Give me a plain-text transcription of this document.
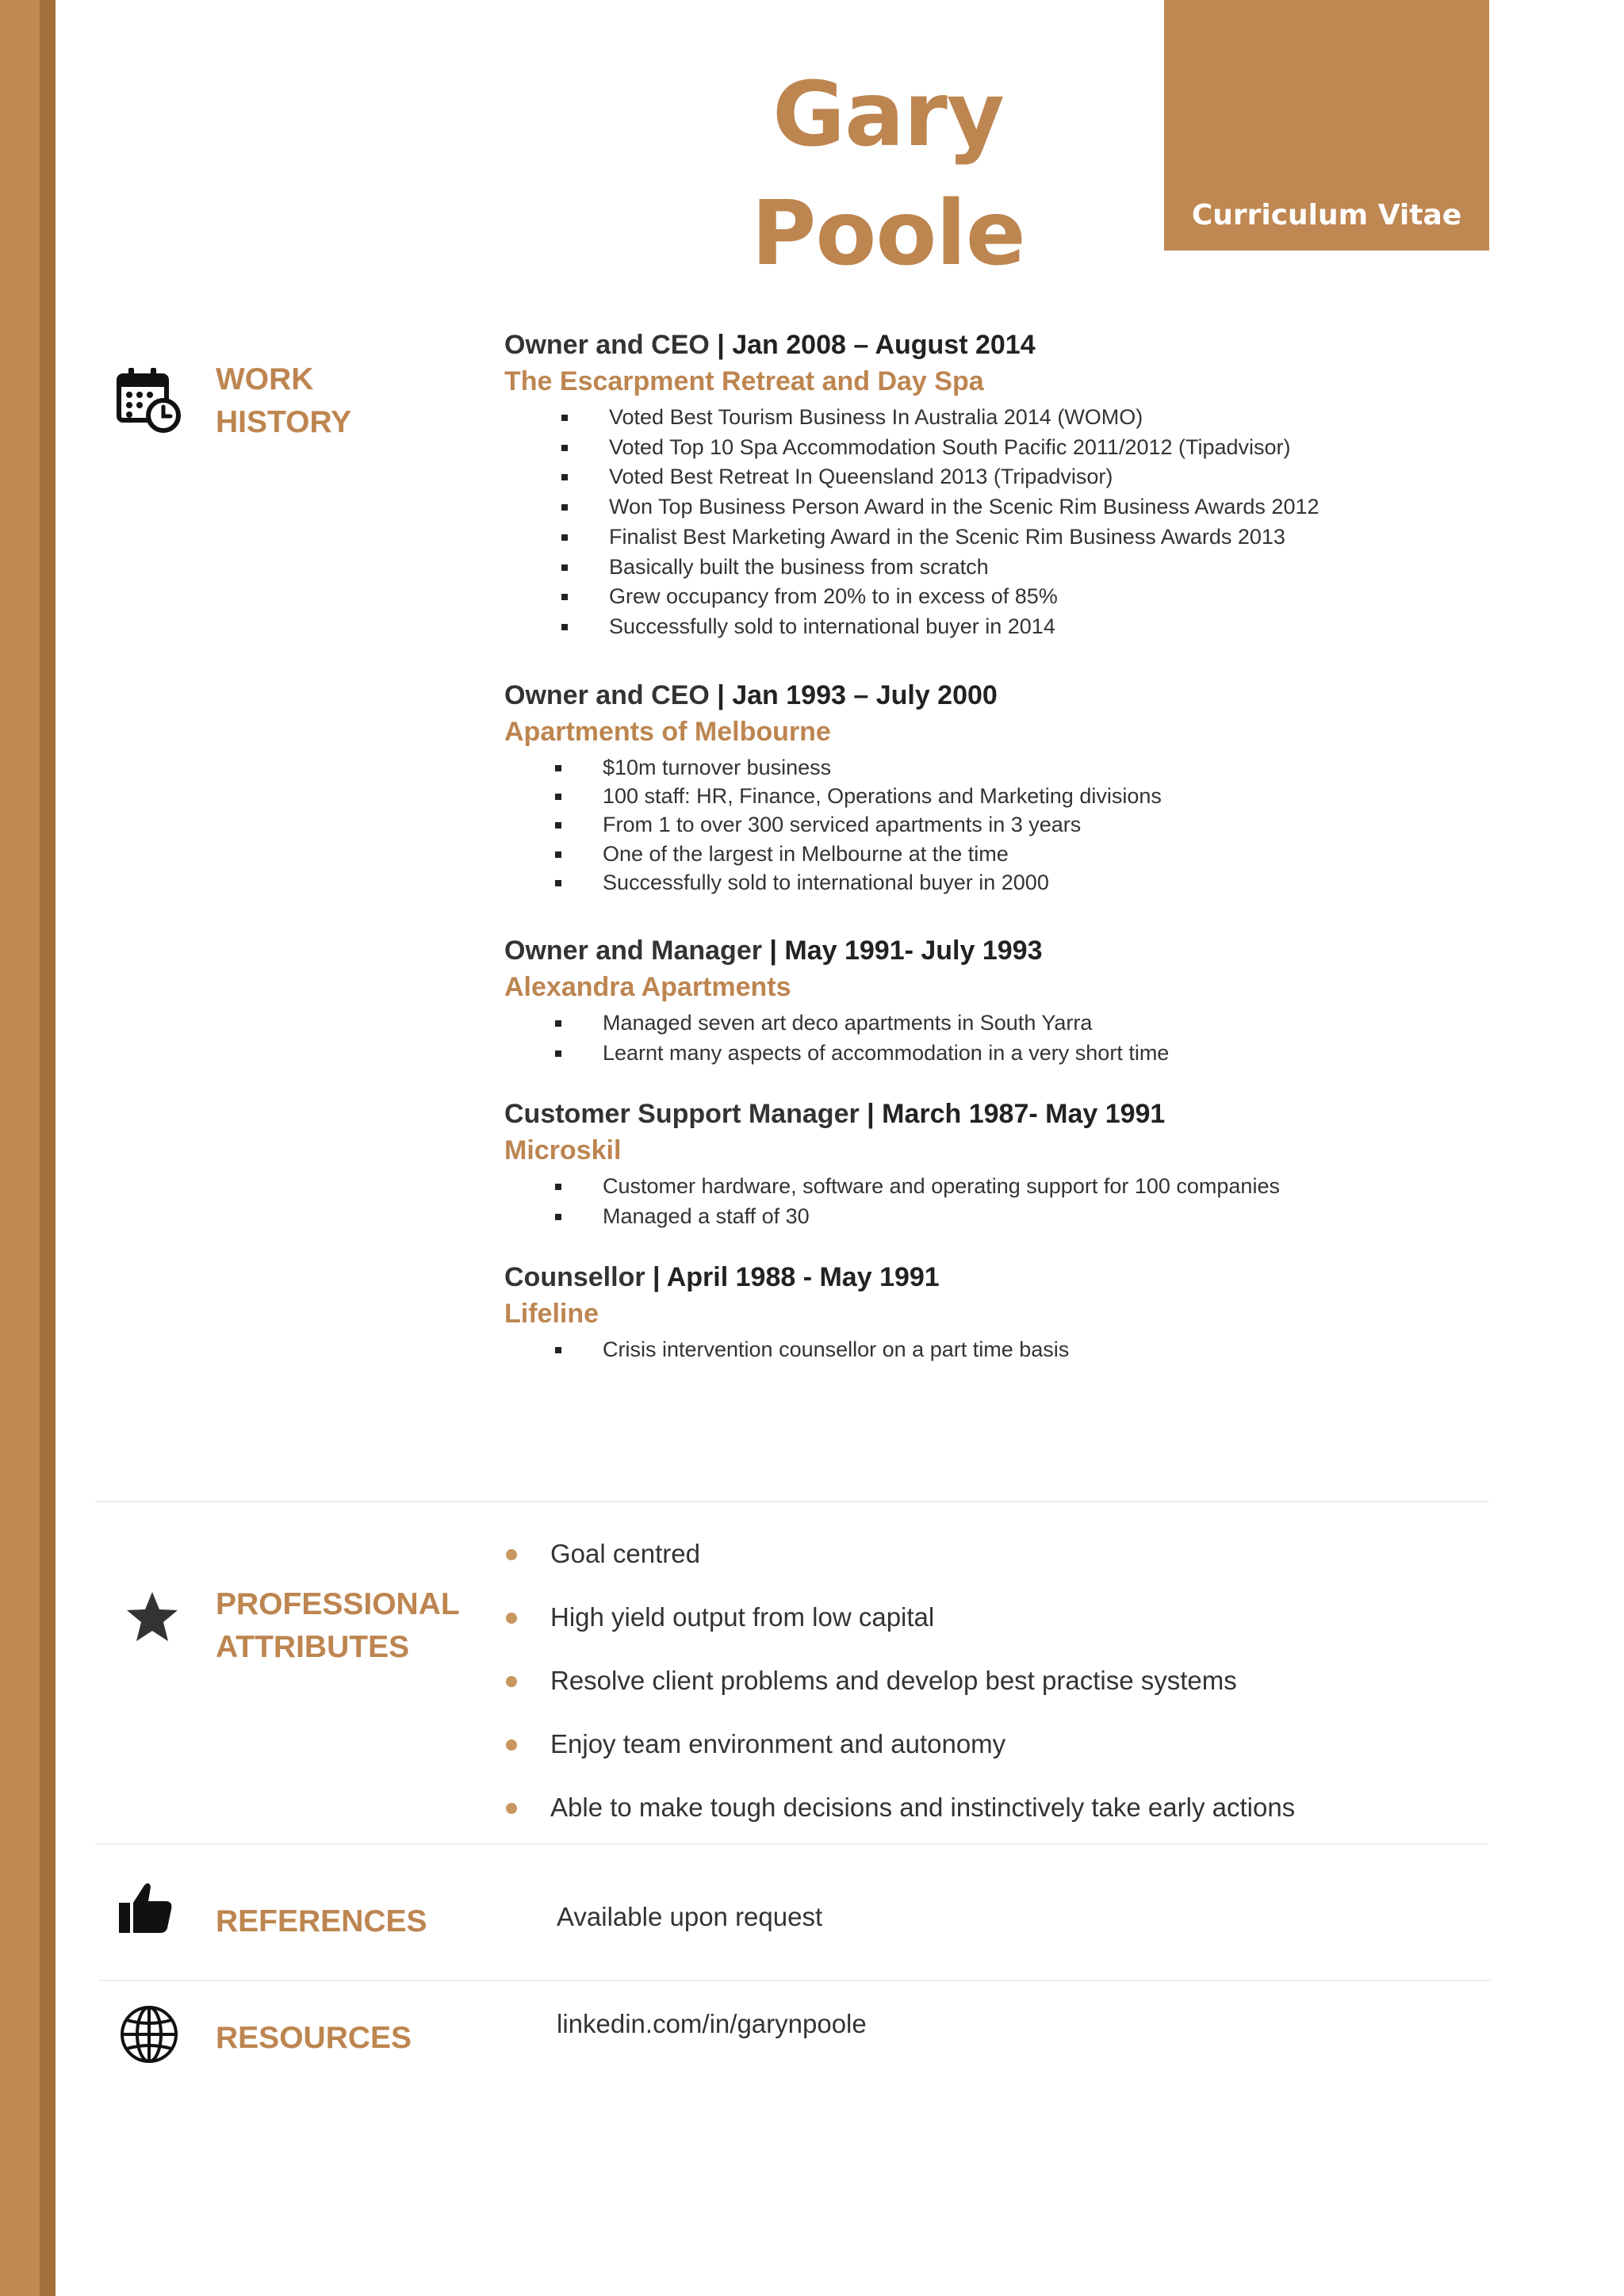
Gary Poole	Curriculum Vitae

WORK

HISTORY

Owner and CEO | Jan 2008 – August 2014

The Escarpment Retreat and Day Spa

Voted Best Tourism Business In Australia 2014 (WOMO)
Voted Top 10 Spa Accommodation South Pacific 2011/2012 (Tipadvisor)
Voted Best Retreat In Queensland 2013 (Tripadvisor)
Won Top Business Person Award in the Scenic Rim Business Awards 2012
Finalist Best Marketing Award in the Scenic Rim Business Awards 2013
Basically built the business from scratch
Grew occupancy from 20% to in excess of 85%
Successfully sold to international buyer in 2014

Owner and CEO | Jan 1993 – July 2000

Apartments of Melbourne

$10m turnover business
100 staff: HR, Finance, Operations and Marketing divisions
From 1 to over 300 serviced apartments in 3 years
One of the largest in Melbourne at the time
Successfully sold to international buyer in 2000

Owner and Manager | May 1991- July 1993

Alexandra Apartments

Managed seven art deco apartments in South Yarra
Learnt many aspects of accommodation in a very short time

Customer Support Manager | March 1987- May 1991

Microskil

Customer hardware, software and operating support for 100 companies
Managed a staff of 30

Counsellor | April 1988 - May 1991

Lifeline

Crisis intervention counsellor on a part time basis

PROFESSIONAL

ATTRIBUTES

Goal centred
High yield output from low capital
Resolve client problems and develop best practise systems
Enjoy team environment and autonomy
Able to make tough decisions and instinctively take early actions

REFERENCES	Available upon request

RESOURCES	linkedin.com/in/garynpoole
